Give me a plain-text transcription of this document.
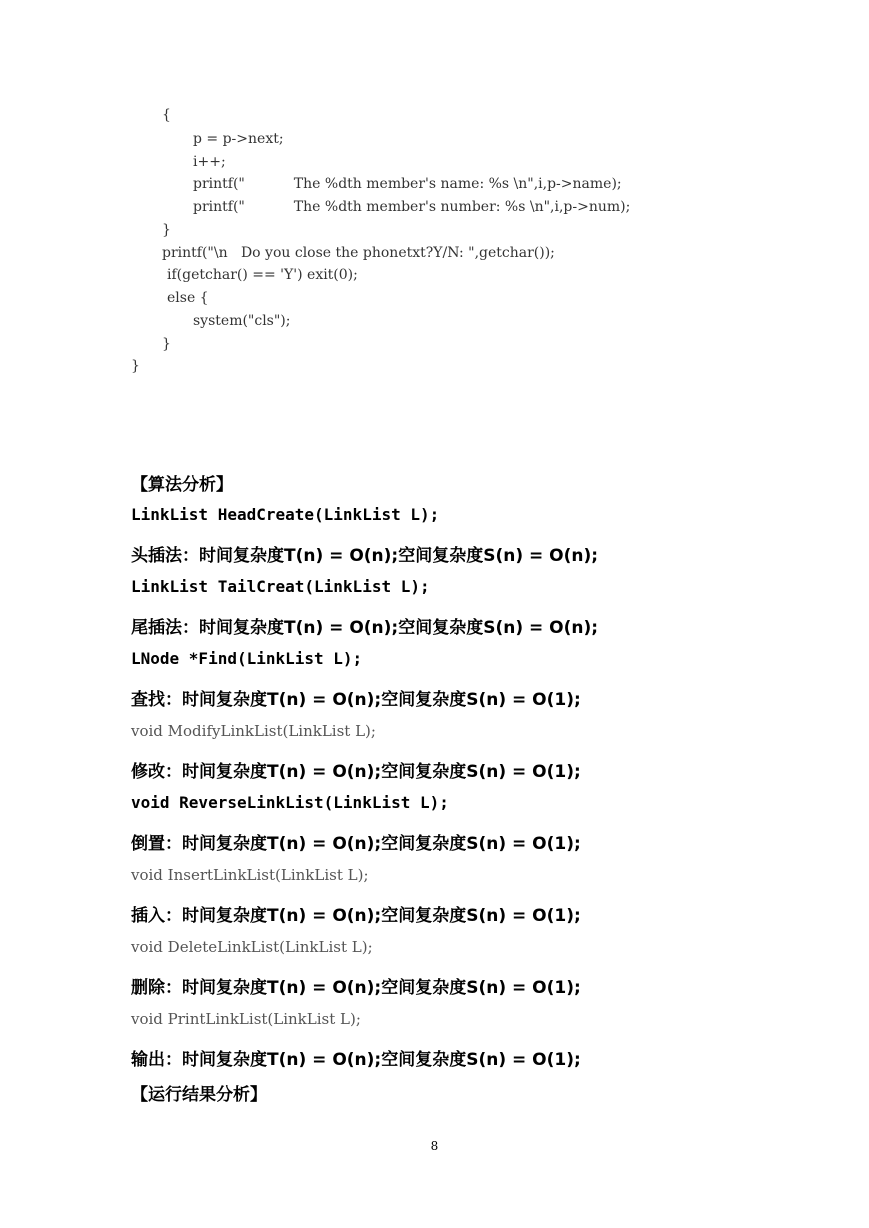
{
p = p->next;
i++;
printf("           The %dth member's name: %s \n",i,p->name);
printf("           The %dth member's number: %s \n",i,p->num);
}
printf("\n   Do you close the phonetxt?Y/N: ",getchar());
if(getchar() == 'Y') exit(0);
else {
system("cls");
}
}
【算法分析】
LinkList HeadCreate(LinkList L);
头插法：时间复杂度T(n) = O(n);空间复杂度S(n) = O(n);
LinkList TailCreat(LinkList L);
尾插法：时间复杂度T(n) = O(n);空间复杂度S(n) = O(n);
LNode *Find(LinkList L);
查找：时间复杂度T(n) = O(n);空间复杂度S(n) = O(1);
void ModifyLinkList(LinkList L);
修改：时间复杂度T(n) = O(n);空间复杂度S(n) = O(1);
void ReverseLinkList(LinkList L);
倒置：时间复杂度T(n) = O(n);空间复杂度S(n) = O(1);
void InsertLinkList(LinkList L);
插入：时间复杂度T(n) = O(n);空间复杂度S(n) = O(1);
void DeleteLinkList(LinkList L);
删除：时间复杂度T(n) = O(n);空间复杂度S(n) = O(1);
void PrintLinkList(LinkList L);
输出：时间复杂度T(n) = O(n);空间复杂度S(n) = O(1);
【运行结果分析】
8
